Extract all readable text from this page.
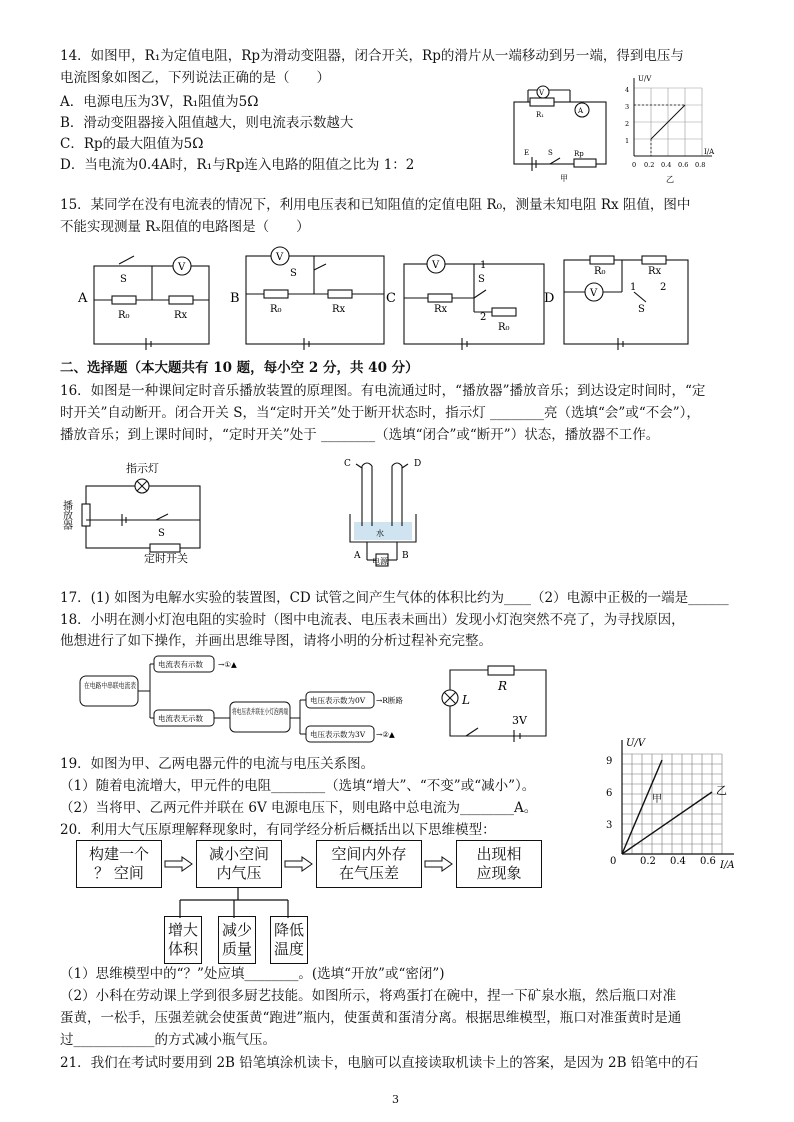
14．如图甲，R₁为定值电阻，Rp为滑动变阻器，闭合开关，Rp的滑片从一端移动到另一端，得到电压与
电流图象如图乙，下列说法正确的是（　　）
A．电源电压为3V，R₁阻值为5Ω
B．滑动变阻器接入阻值越大，则电流表示数越大
C．Rp的最大阻值为5Ω
D．当电流为0.4A时，R₁与Rp连入电路的阻值之比为 1：2
V
A
R₁
E	S	Rp
甲
U/V
I/A
1
2
3
4
0 0.2 0.4 0.6 0.8
乙
15．某同学在没有电流表的情况下，利用电压表和已知阻值的定值电阻 R₀，测量未知电阻 Rx 阻值，图中
不能实现测量 Rₓ阻值的电路图是（　　）
A	B	C	D
S
V
R₀	Rx
S
V
R₀	Rx
V
Rx
R₀
S
1
2
R₀	Rx
V
1 2
S
二、选择题（本大题共有 10 题，每小空 2 分，共 40 分）
16．如图是一种课间定时音乐播放装置的原理图。有电流通过时，“播放器”播放音乐；到达设定时间时，“定
时开关”自动断开。闭合开关 S，当“定时开关”处于断开状态时，指示灯 ________亮（选填“会”或“不会”），
播放音乐；到上课时间时，“定时开关”处于 ________（选填“闭合”或“断开”）状态，播放器不工作。
指示灯
播放器
S
定时开关
C	D
水
A	B
电源
17．(1) 如图为电解水实验的装置图，CD 试管之间产生气体的体积比约为____（2）电源中正极的一端是______
18．小明在测小灯泡电阻的实验时（图中电流表、电压表未画出）发现小灯泡突然不亮了，为寻找原因，
他想进行了如下操作，并画出思维导图，请将小明的分析过程补充完整。
在电路中串联电流表
电流表有示数 →①▲
电流表无示数
将电压表并联在小灯泡两端
电压表示数为0V →R断路
电压表示数为3V →②▲
R
L
3V
19．如图为甲、乙两电器元件的电流与电压关系图。
（1）随着电流增大，甲元件的电阻________（选填“增大”、“不变”或“减小”）。
（2）当将甲、乙两元件并联在 6V 电源电压下，则电路中总电流为________A。
U/V
I/A
3
6
9
0 0.2 0.4 0.6
甲
乙
20．利用大气压原理解释现象时，有同学经分析后概括出以下思维模型：
构建一个
？ 空间
减小空间
内气压
空间内外存
在气压差
出现相
应现象
增大
体积
减少
质量
降低
温度
（1）思维模型中的“？”处应填________。(选填“开放”或“密闭”)
（2）小科在劳动课上学到很多厨艺技能。如图所示，将鸡蛋打在碗中，捏一下矿泉水瓶，然后瓶口对准
蛋黄，一松手，压强差就会使蛋黄“跑进”瓶内，使蛋黄和蛋清分离。根据思维模型，瓶口对准蛋黄时是通
过____________的方式减小瓶气压。
21．我们在考试时要用到 2B 铅笔填涂机读卡，电脑可以直接读取机读卡上的答案，是因为 2B 铅笔中的石
3
